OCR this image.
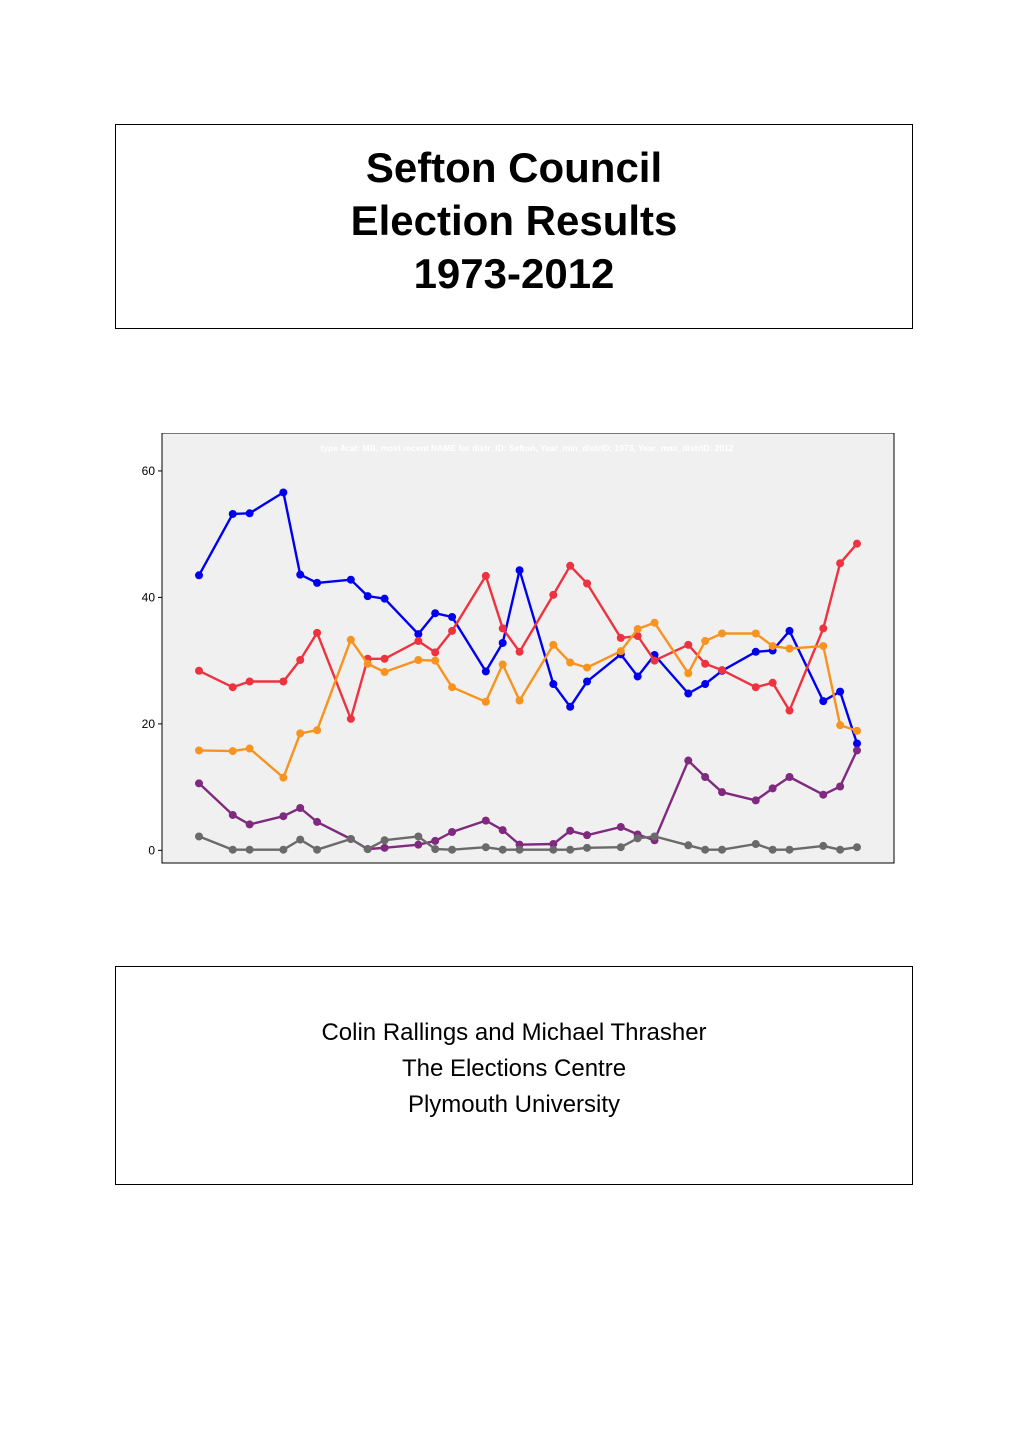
Sefton Council
Election Results
1973-2012
type 4cat: MB, most recent NAME for distr_ID: Sefton, Year_min_distrID: 1973, Year_max_distrID: 2012
0
20
40
60
Colin Rallings and Michael Thrasher
The Elections Centre
Plymouth University
